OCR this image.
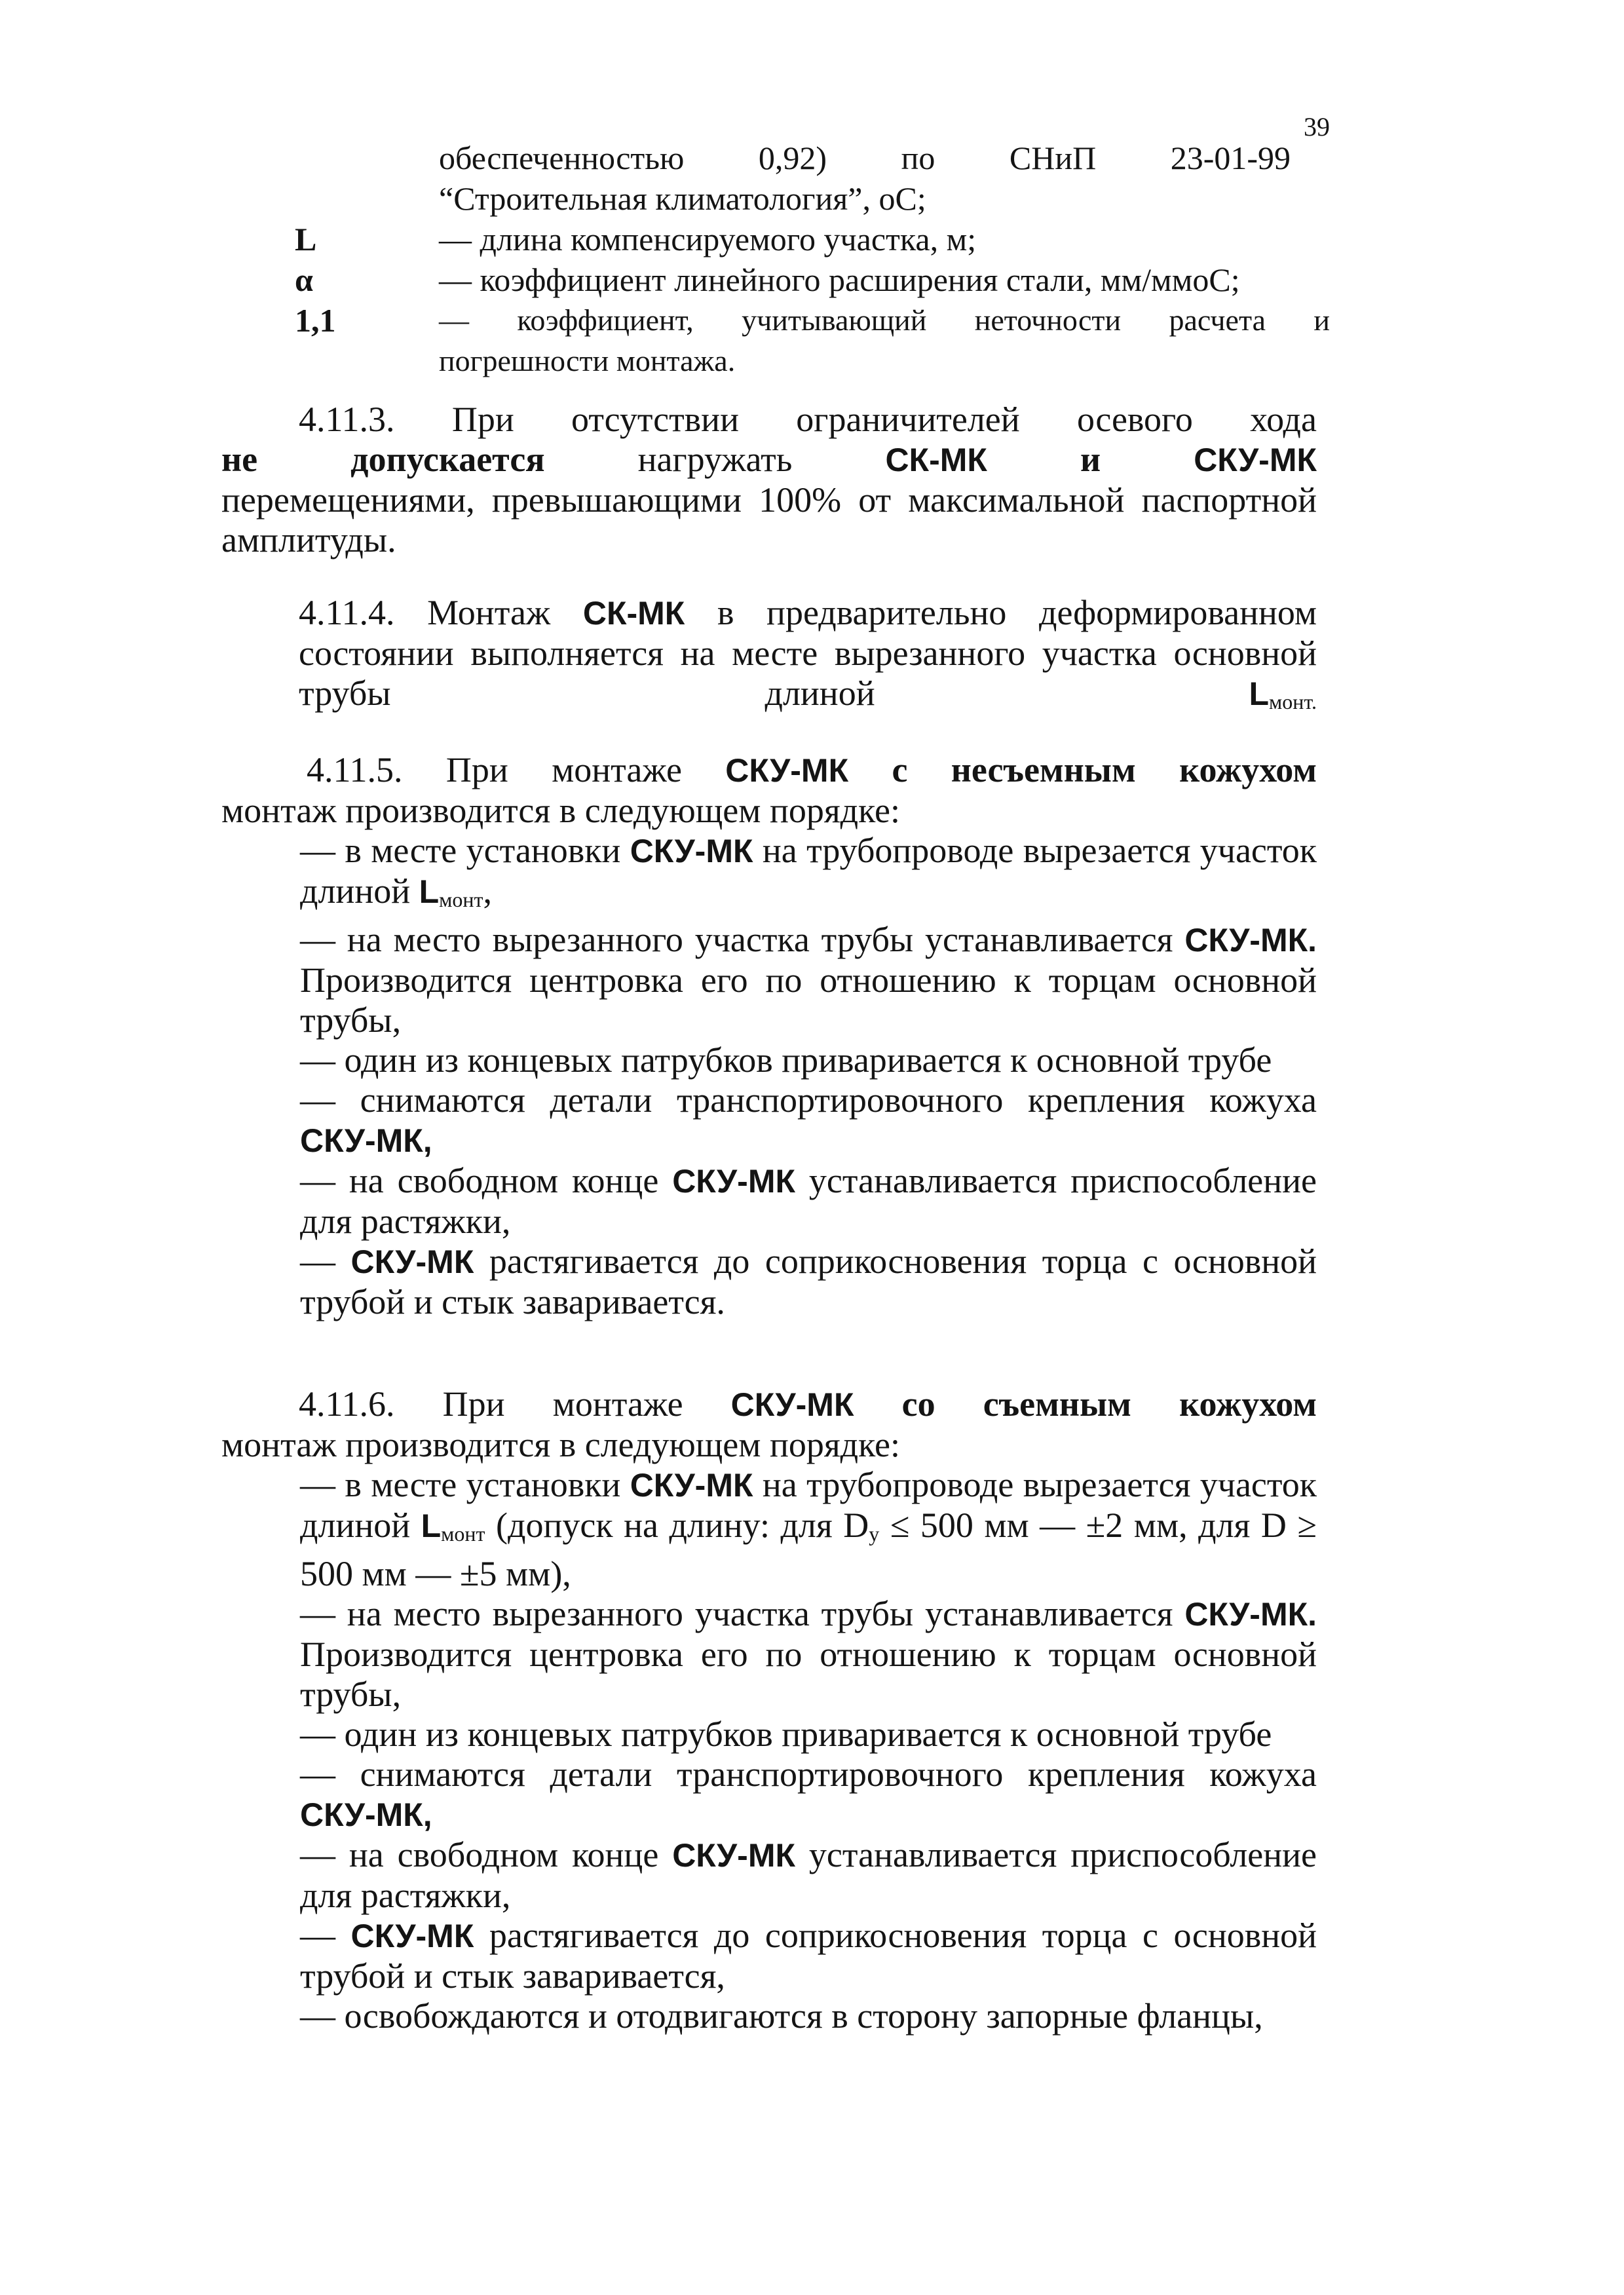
39
обеспеченностью 0,92) по СНиП 23-01-99
“Строительная климатология”, оС;
L	— длина компенсируемого участка, м;
α	— коэффициент линейного расширения стали, мм/ммоС;
1,1	— коэффициент, учитывающий неточности расчета и
погрешности монтажа.

4.11.3. При отсутствии ограничителей осевого хода

не допускается	нагружать	СК-МК	и	СКУ-МК

перемещениями, превышающими 100% от максимальной паспортной амплитуды.

4.11.4. Монтаж СК-МК в предварительно деформированном состоянии выполняется на месте вырезанного участка основной трубы длиной	$L_{монт.}$

4.11.5. При монтаже СКУ-МК с несъемным кожухом

монтаж производится в следующем порядке:

— в месте установки СКУ-МК на трубопроводе вырезается участок длиной $L_{монт}$,

— на место вырезанного участка трубы устанавливается СКУ-МК. Производится центровка его по отношению к торцам основной трубы,

— один из концевых патрубков приваривается к основной трубе

— снимаются детали транспортировочного крепления кожуха СКУ-МК,

— на свободном конце СКУ-МК устанавливается приспособление для растяжки,

— СКУ-МК растягивается до соприкосновения торца с основной трубой и стык заваривается.

4.11.6. При монтаже СКУ-МК со съемным кожухом

монтаж производится в следующем порядке:

— в месте установки СКУ-МК на трубопроводе вырезается участок длиной $L_{монт}$ (допуск на длину: для $D_у \le 500$ мм — ±2 мм, для D ≥ 500 мм — ±5 мм),

— на место вырезанного участка трубы устанавливается СКУ-МК. Производится центровка его по отношению к торцам основной трубы,

— один из концевых патрубков приваривается к основной трубе

— снимаются детали транспортировочного крепления кожуха СКУ-МК,

— на свободном конце СКУ-МК устанавливается приспособление для растяжки,

— СКУ-МК растягивается до соприкосновения торца с основной трубой и стык заваривается,

— освобождаются и отодвигаются в сторону запорные фланцы,
